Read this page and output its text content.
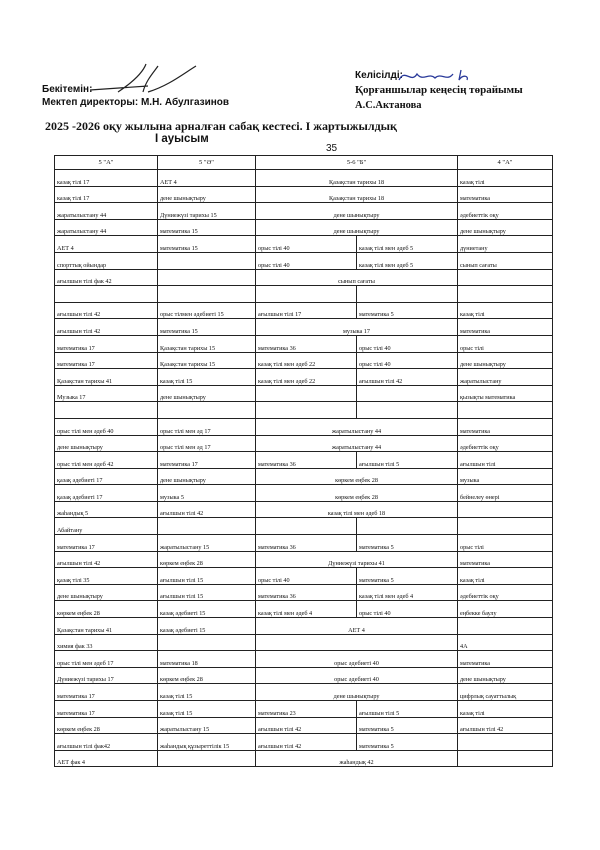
Бекітемін:
Мектеп директоры: М.Н. Абулгазинов
Келісілді:
Қорғаншылар кеңесің төрайымы
А.С.Актанова
2025 -2026 оқу жылына арналған сабақ кестесі. І жартыжылдық
І ауысым
35
5 "А"	5 "Ә"	5-6 "Б"		4 "А"
казақ тілі 17	АЕТ 4	Қазақстан тарихы 18		казақ тілі
казақ тілі 17	дене шынықтыру	Қазақстан тарихы 18		математика
жаратылыстану 44	Дүниежүзі тарихы 15	дене шынықтыру		әдебиеттік оқу
жаратылыстану 44	математика 15	дене шынықтыру		дене шынықтыру
АЕТ 4	математика 15	орыс тілі 40	казақ тілі мен әдеб 5	дүниетану
спорттық ойындар		орыс тілі 40	казақ тілі мен әдеб 5	сынып сағаты
ағылшын тілі фак 42		сынып сағаты		

ағылшын тілі 42	орыс тілмен әдебиеті 15	ағылшын тілі 17	математика 5	казақ тілі
ағылшын тілі 42	математика 15	музыка 17		математика
математика 17	Қазақстан тарихы 15	математика 36	орыс тілі 40	орыс тілі
математика 17	Қазақстан тарихы 15	казақ тілі мен әдеб 22	орыс тілі 40	дене шынықтыру
Қазақстан тарихы 41	казақ тілі 15	казақ тілі мен әдеб 22	ағылшын тілі 42	жаратылыстану
Музыка 17	дене шынықтыру			қызықты математика

орыс тілі мен әдеб 40	орыс тілі мен әд 17	жаратылыстану 44		математика
дене шынықтыру	орыс тілі мен әд 17	жаратылыстану 44		әдебиеттік оқу
орыс тілі мен әдеб 42	математика 17	математика 36	ағылшын тілі 5	ағылшын тілі
қазақ әдебиеті 17	дене шынықтыру	көркем еңбек 28		музыка
қазақ әдебиеті 17	музыка 5	көркем еңбек 28		бейнелеу өнері
жаһандық 5	ағылшын тілі 42	казақ тілі мен әдеб 18		
Абайтану				
математика 17	жаратылыстану 15	математика 36	математика 5	орыс тілі
ағылшын тілі 42	көркем еңбек 28	Дүниежүзі тарихы 41		математика
қазақ тілі 35	ағылшын тілі 15	орыс тілі 40	математика 5	казақ тілі
дене шынықтыру	ағылшын тілі 15	математика 36	казақ тілі мен әдеб 4	әдебиеттік оқу
көркем еңбек 28	казақ әдебиеті 15	казақ тілі мен әдеб 4	орыс тілі 40	еңбекке баулу
Қазақстан тарихы 41	казақ әдебиеті 15	АЕТ 4		
химия фак 33				4А
орыс тілі мен әдеб 17	математика 18	орыс әдебиеті 40		математика
Дүниежүзі тарихы 17	көркем еңбек 28	орыс әдебиеті 40		дене шынықтыру
математика 17	казақ тілі 15	дене шынықтыру		цифрлық сауаттылық
математика 17	казақ тілі 15	математика 23	ағылшын тілі 5	казақ тілі
көркем еңбек 28	жаратылыстану 15	ағылшын тілі 42	математика 5	ағылшын тілі 42
ағылшын тілі фак42	жаһандық құзыреттілік 15	ағылшын тілі 42	математика 5	
АЕТ фак 4		жаһандық 42		
